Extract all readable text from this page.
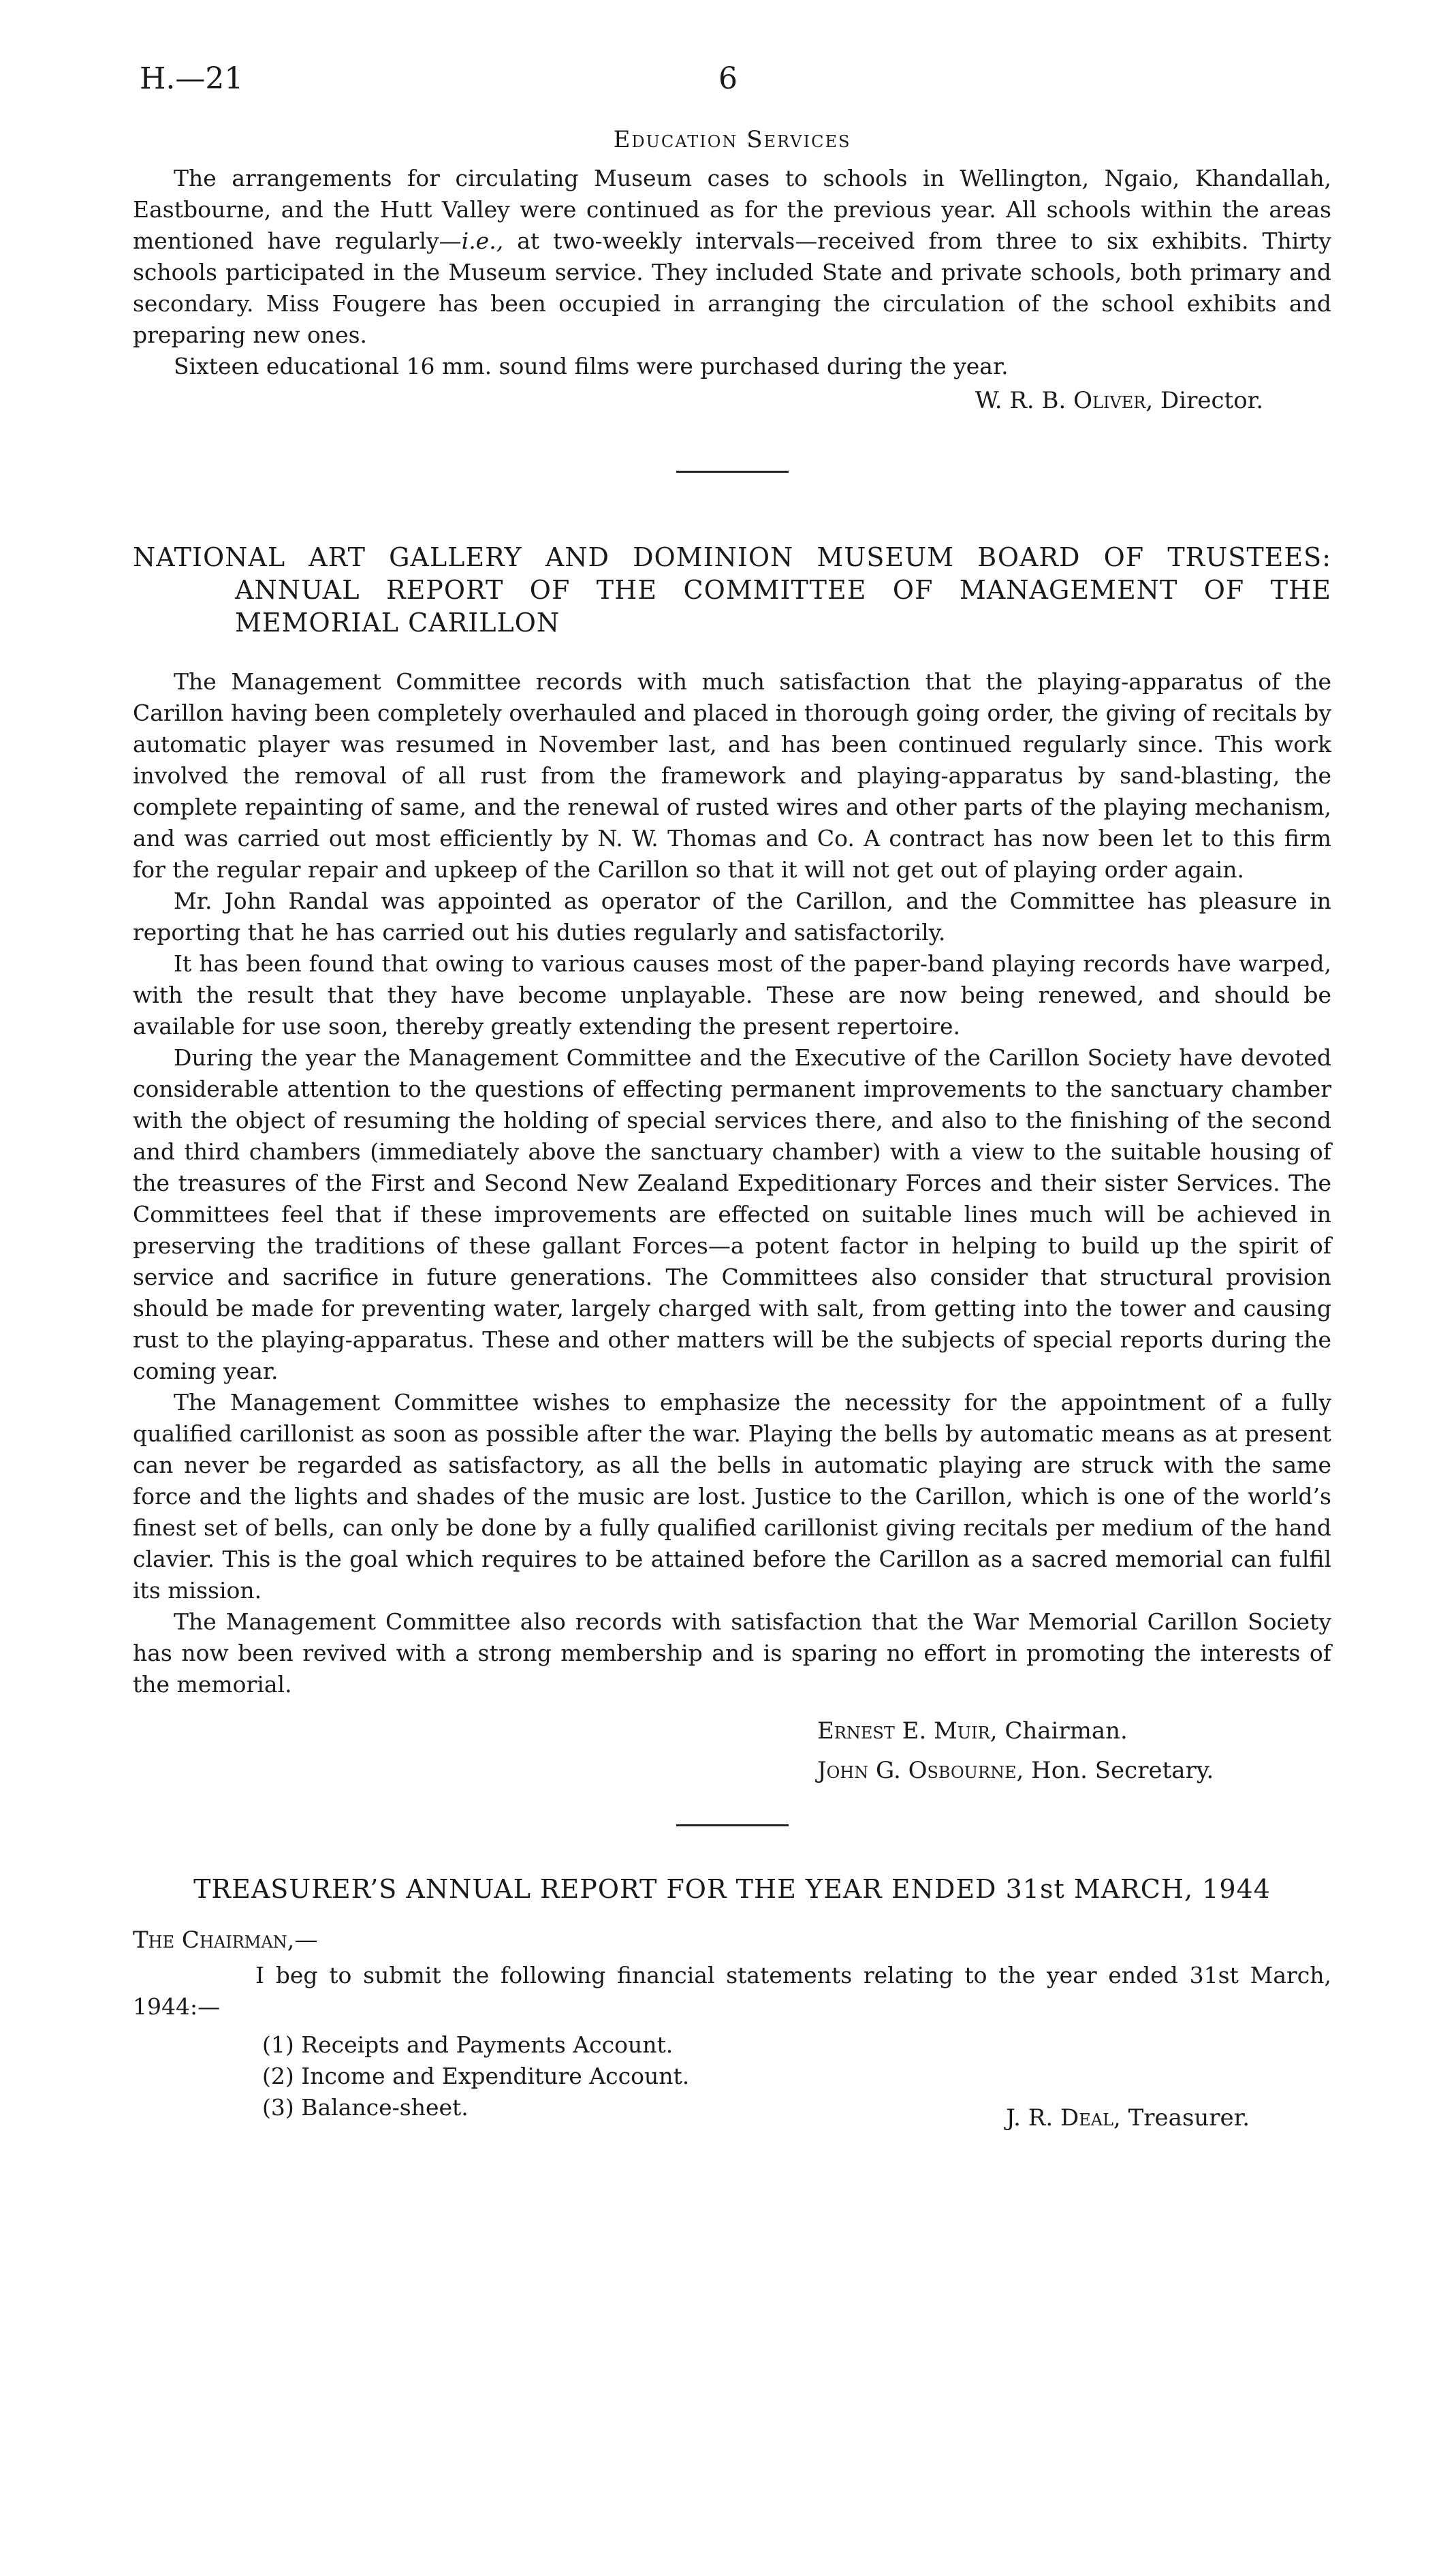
H.—21	6
Education Services

The arrangements for circulating Museum cases to schools in Wellington, Ngaio, Khandallah, Eastbourne, and the Hutt Valley were continued as for the previous year. All schools within the areas mentioned have regularly—i.e., at two-weekly intervals—received from three to six exhibits. Thirty schools participated in the Museum service. They included State and private schools, both primary and secondary. Miss Fougere has been occupied in arranging the circulation of the school exhibits and preparing new ones.

Sixteen educational 16 mm. sound films were purchased during the year.

W. R. B. Oliver, Director.
NATIONAL ART GALLERY AND DOMINION MUSEUM BOARD OF TRUSTEES:
ANNUAL REPORT OF THE COMMITTEE OF MANAGEMENT OF THE
MEMORIAL CARILLON

The Management Committee records with much satisfaction that the playing-apparatus of the Carillon having been completely overhauled and placed in thorough going order, the giving of recitals by automatic player was resumed in November last, and has been continued regularly since. This work involved the removal of all rust from the framework and playing-apparatus by sand-blasting, the complete repainting of same, and the renewal of rusted wires and other parts of the playing mechanism, and was carried out most efficiently by N. W. Thomas and Co. A contract has now been let to this firm for the regular repair and upkeep of the Carillon so that it will not get out of playing order again.

Mr. John Randal was appointed as operator of the Carillon, and the Committee has pleasure in reporting that he has carried out his duties regularly and satisfactorily.

It has been found that owing to various causes most of the paper-band playing records have warped, with the result that they have become unplayable. These are now being renewed, and should be available for use soon, thereby greatly extending the present repertoire.

During the year the Management Committee and the Executive of the Carillon Society have devoted considerable attention to the questions of effecting permanent improvements to the sanctuary chamber with the object of resuming the holding of special services there, and also to the finishing of the second and third chambers (immediately above the sanctuary chamber) with a view to the suitable housing of the treasures of the First and Second New Zealand Expeditionary Forces and their sister Services. The Committees feel that if these improvements are effected on suitable lines much will be achieved in preserving the traditions of these gallant Forces—a potent factor in helping to build up the spirit of service and sacrifice in future generations. The Committees also consider that structural provision should be made for preventing water, largely charged with salt, from getting into the tower and causing rust to the playing-apparatus. These and other matters will be the subjects of special reports during the coming year.

The Management Committee wishes to emphasize the necessity for the appointment of a fully qualified carillonist as soon as possible after the war. Playing the bells by automatic means as at present can never be regarded as satisfactory, as all the bells in automatic playing are struck with the same force and the lights and shades of the music are lost. Justice to the Carillon, which is one of the world’s finest set of bells, can only be done by a fully qualified carillonist giving recitals per medium of the hand clavier. This is the goal which requires to be attained before the Carillon as a sacred memorial can fulfil its mission.

The Management Committee also records with satisfaction that the War Memorial Carillon Society has now been revived with a strong membership and is sparing no effort in promoting the interests of the memorial.

Ernest E. Muir, Chairman.
John G. Osbourne, Hon. Secretary.
TREASURER’S ANNUAL REPORT FOR THE YEAR ENDED 31st MARCH, 1944
The Chairman,—

I beg to submit the following financial statements relating to the year ended 31st March, 1944:—

(1) Receipts and Payments Account.
(2) Income and Expenditure Account.
(3) Balance-sheet.	J. R. Deal, Treasurer.
